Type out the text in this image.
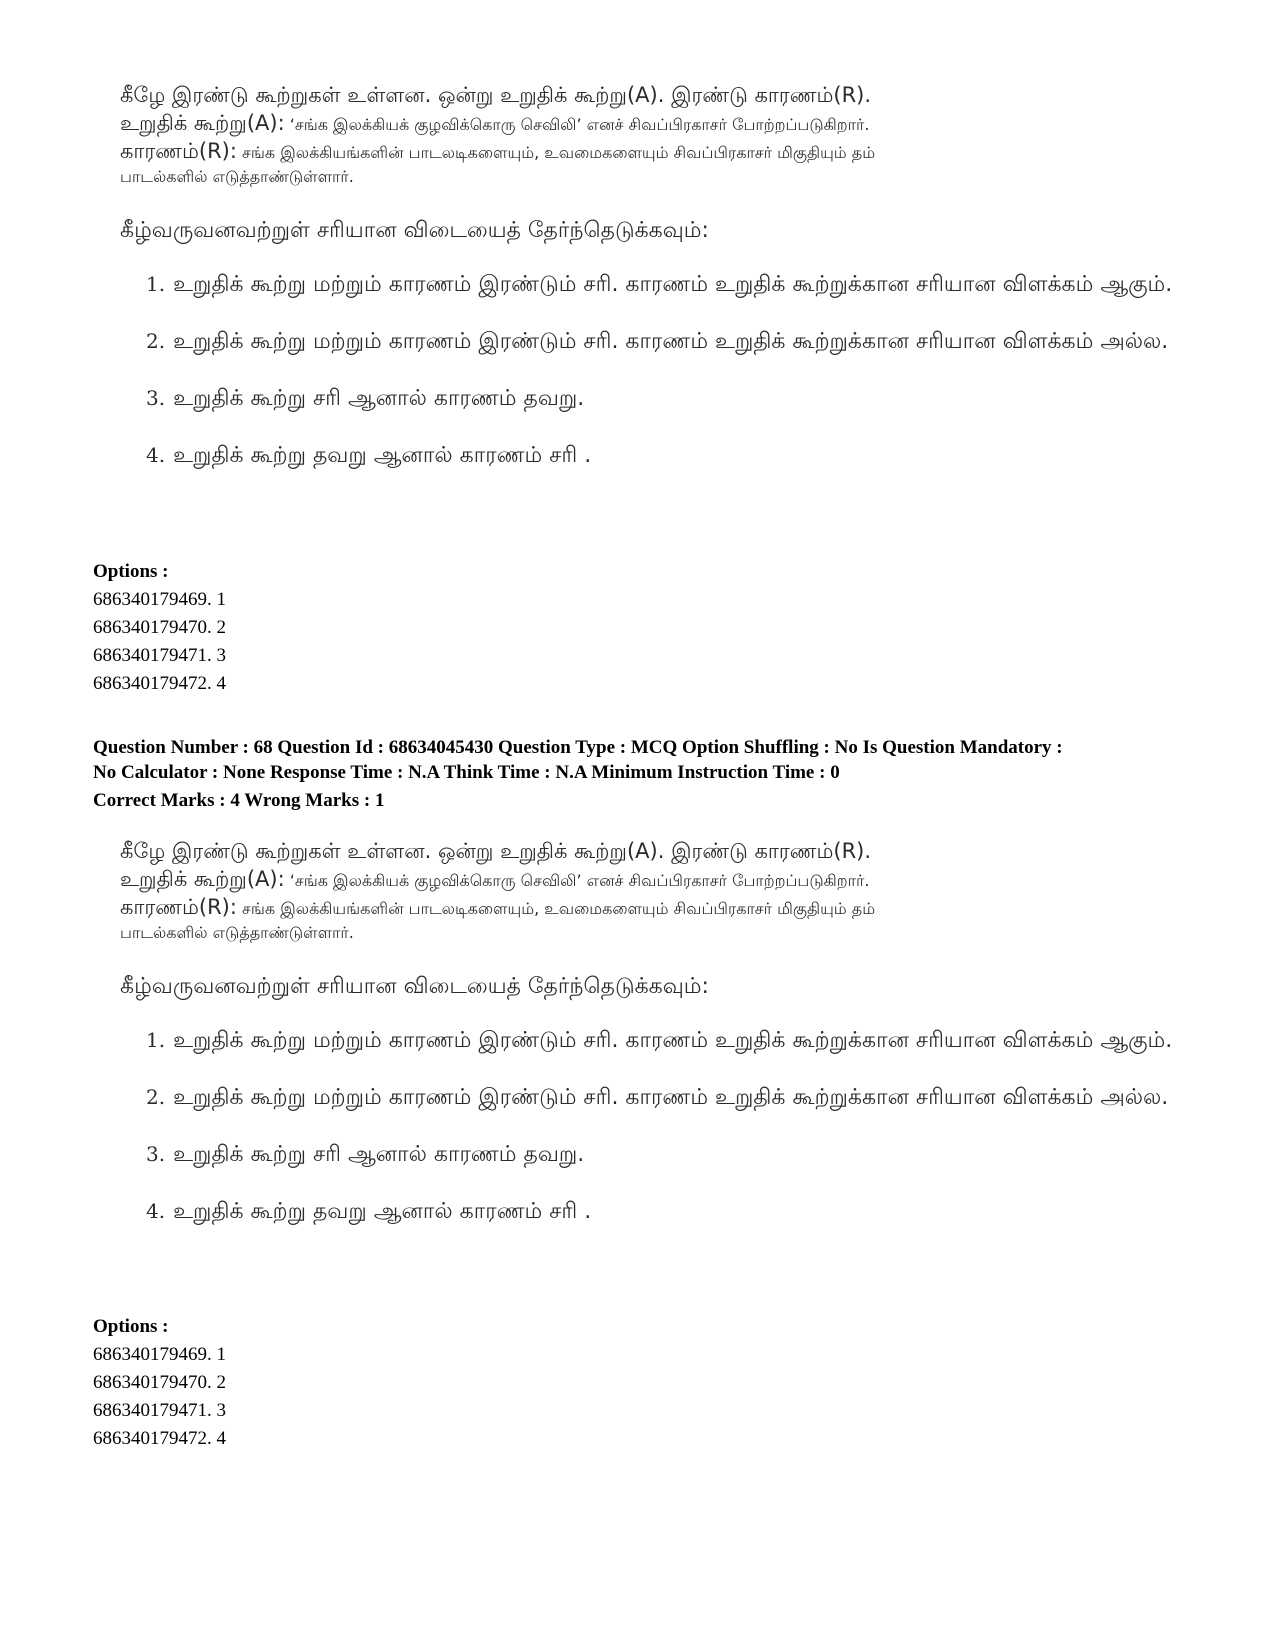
கீழே இரண்டு கூற்றுகள் உள்ளன. ஒன்று உறுதிக் கூற்று(A). இரண்டு காரணம்(R).

உறுதிக் கூற்று(A): ‘சங்க இலக்கியக் குழவிக்கொரு செவிலி’ எனச் சிவப்பிரகாசர் போற்றப்படுகிறார்.

காரணம்(R): சங்க இலக்கியங்களின் பாடலடிகளையும், உவமைகளையும் சிவப்பிரகாசர் மிகுதியும் தம்

பாடல்களில் எடுத்தாண்டுள்ளார்.

கீழ்வருவனவற்றுள் சரியான விடையைத் தேர்ந்தெடுக்கவும்:

1. உறுதிக் கூற்று மற்றும் காரணம் இரண்டும் சரி. காரணம் உறுதிக் கூற்றுக்கான சரியான விளக்கம் ஆகும்.
2. உறுதிக் கூற்று மற்றும் காரணம் இரண்டும் சரி. காரணம் உறுதிக் கூற்றுக்கான சரியான விளக்கம் அல்ல.
3. உறுதிக் கூற்று சரி ஆனால் காரணம் தவறு.
4. உறுதிக் கூற்று தவறு ஆனால் காரணம் சரி .
Options :
686340179469. 1
686340179470. 2
686340179471. 3
686340179472. 4

Question Number : 68 Question Id : 68634045430 Question Type : MCQ Option Shuffling : No Is Question Mandatory :

No Calculator : None Response Time : N.A Think Time : N.A Minimum Instruction Time : 0

Correct Marks : 4 Wrong Marks : 1

கீழே இரண்டு கூற்றுகள் உள்ளன. ஒன்று உறுதிக் கூற்று(A). இரண்டு காரணம்(R).

உறுதிக் கூற்று(A): ‘சங்க இலக்கியக் குழவிக்கொரு செவிலி’ எனச் சிவப்பிரகாசர் போற்றப்படுகிறார்.

காரணம்(R): சங்க இலக்கியங்களின் பாடலடிகளையும், உவமைகளையும் சிவப்பிரகாசர் மிகுதியும் தம்

பாடல்களில் எடுத்தாண்டுள்ளார்.

கீழ்வருவனவற்றுள் சரியான விடையைத் தேர்ந்தெடுக்கவும்:

1. உறுதிக் கூற்று மற்றும் காரணம் இரண்டும் சரி. காரணம் உறுதிக் கூற்றுக்கான சரியான விளக்கம் ஆகும்.
2. உறுதிக் கூற்று மற்றும் காரணம் இரண்டும் சரி. காரணம் உறுதிக் கூற்றுக்கான சரியான விளக்கம் அல்ல.
3. உறுதிக் கூற்று சரி ஆனால் காரணம் தவறு.
4. உறுதிக் கூற்று தவறு ஆனால் காரணம் சரி .
Options :
686340179469. 1
686340179470. 2
686340179471. 3
686340179472. 4
